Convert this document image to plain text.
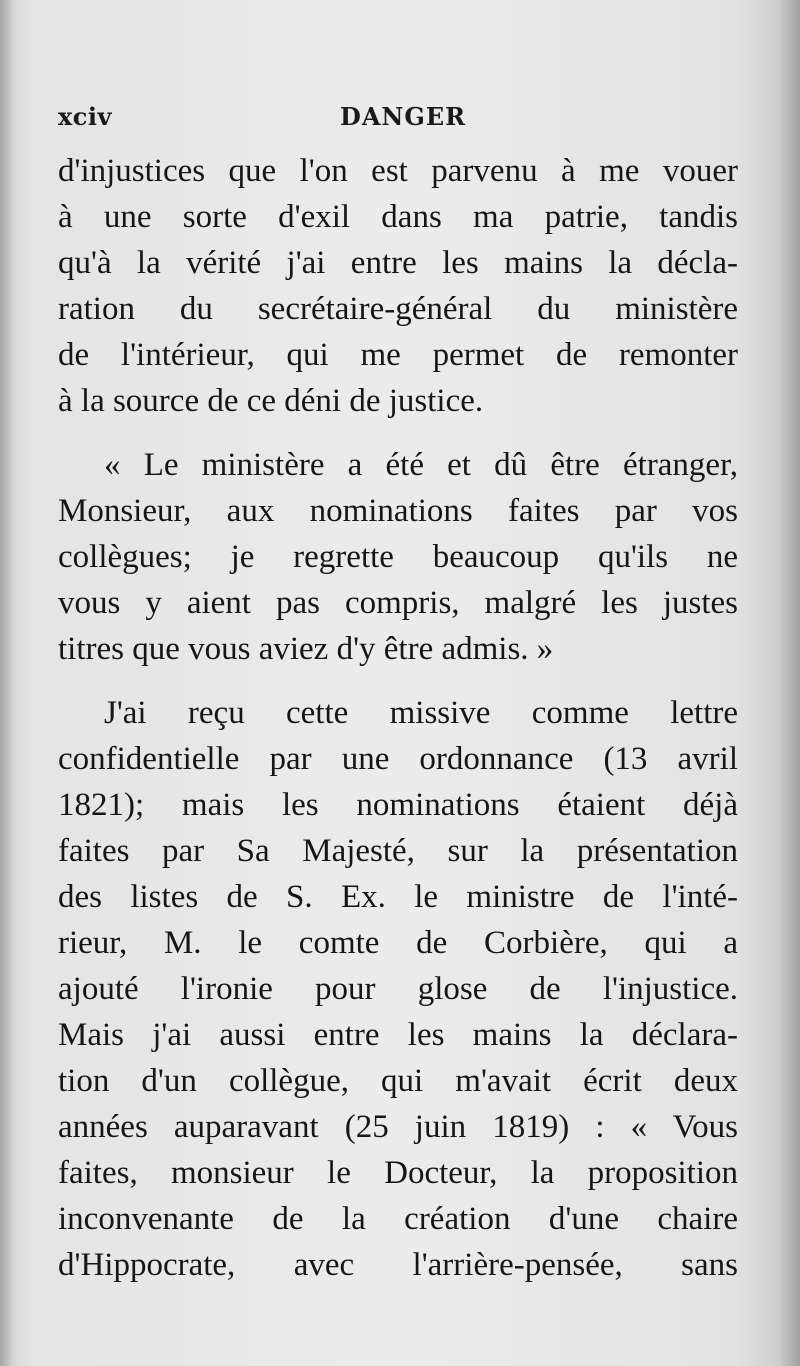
xciv	DANGER
d'injustices que l'on est parvenu à me vouer
à une sorte d'exil dans ma patrie, tandis
qu'à la vérité j'ai entre les mains la décla-
ration du secrétaire-général du ministère
de l'intérieur, qui me permet de remonter
à la source de ce déni de justice.
« Le ministère a été et dû être étranger,
Monsieur, aux nominations faites par vos
collègues; je regrette beaucoup qu'ils ne
vous y aient pas compris, malgré les justes
titres que vous aviez d'y être admis. »
J'ai reçu cette missive comme lettre
confidentielle par une ordonnance (13 avril
1821); mais les nominations étaient déjà
faites par Sa Majesté, sur la présentation
des listes de S. Ex. le ministre de l'inté-
rieur, M. le comte de Corbière, qui a
ajouté l'ironie pour glose de l'injustice.
Mais j'ai aussi entre les mains la déclara-
tion d'un collègue, qui m'avait écrit deux
années auparavant (25 juin 1819) : « Vous
faites, monsieur le Docteur, la proposition
inconvenante de la création d'une chaire
d'Hippocrate, avec l'arrière-pensée, sans
